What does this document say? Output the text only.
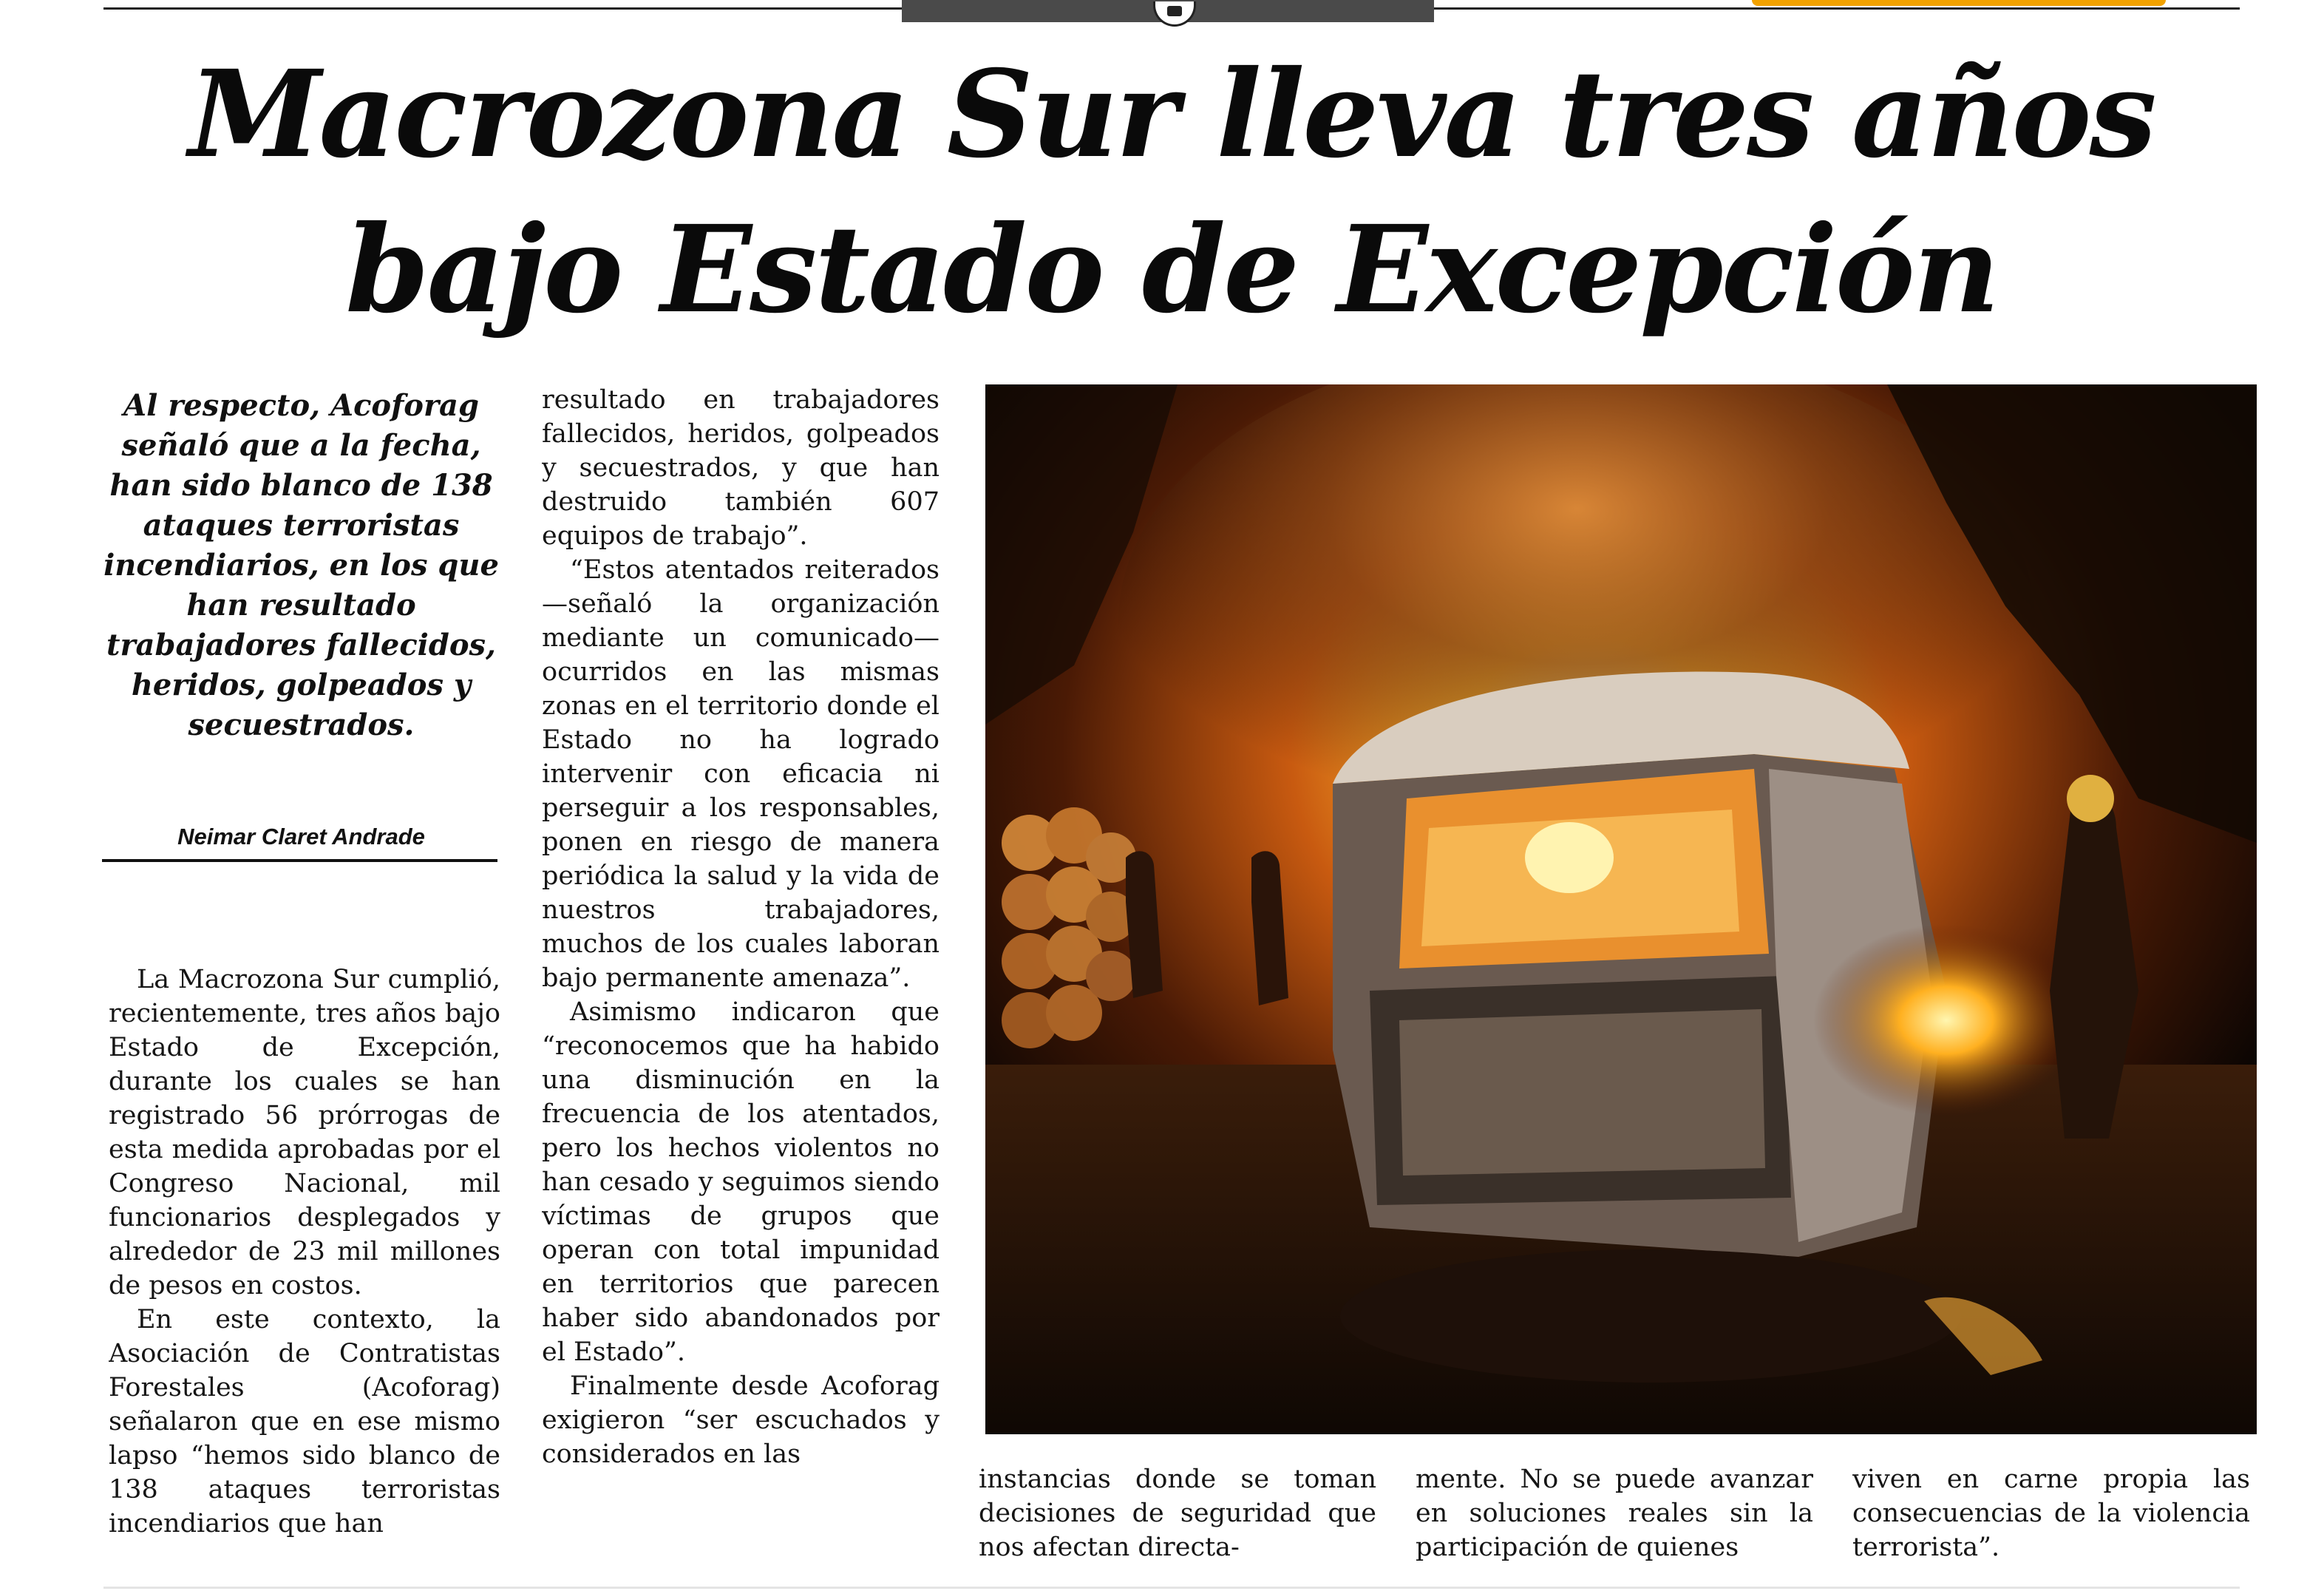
Macrozona Sur lleva tres años
bajo Estado de Excepción

Al respecto, Acoforag señaló que a la fecha, han sido blanco de 138 ataques terroristas incendiarios, en los que han resultado trabajadores fallecidos, heridos, golpeados y secuestrados.

Neimar Claret Andrade

La Macrozona Sur cumplió, recientemente, tres años bajo Estado de Excepción, durante los cuales se han registrado 56 prórrogas de esta medida aprobadas por el Congreso Nacional, mil funcionarios desplegados y alrededor de 23 mil millones de pesos en costos.

En este contexto, la Asociación de Contratistas Forestales (Acoforag) señalaron que en ese mismo lapso “hemos sido blanco de 138 ataques terroristas incendiarios que han

resultado en trabajadores fallecidos, heridos, golpeados y secuestrados, y que han destruido también 607 equipos de trabajo”.

“Estos atentados reiterados —señaló la organización mediante un comunicado— ocurridos en las mismas zonas en el territorio donde el Estado no ha logrado intervenir con eficacia ni perseguir a los responsables, ponen en riesgo de manera periódica la salud y la vida de nuestros trabajadores, muchos de los cuales laboran bajo permanente amenaza”.

Asimismo indicaron que “reconocemos que ha habido una disminución en la frecuencia de los atentados, pero los hechos violentos no han cesado y seguimos siendo víctimas de grupos que operan con total impunidad en territorios que parecen haber sido abandonados por el Estado”.

Finalmente desde Acoforag exigieron “ser escuchados y considerados en las

instancias donde se toman decisiones de seguridad que nos afectan directa-

mente. No se puede avanzar en soluciones reales sin la participación de quienes

viven en carne propia las consecuencias de la violencia terrorista”.
